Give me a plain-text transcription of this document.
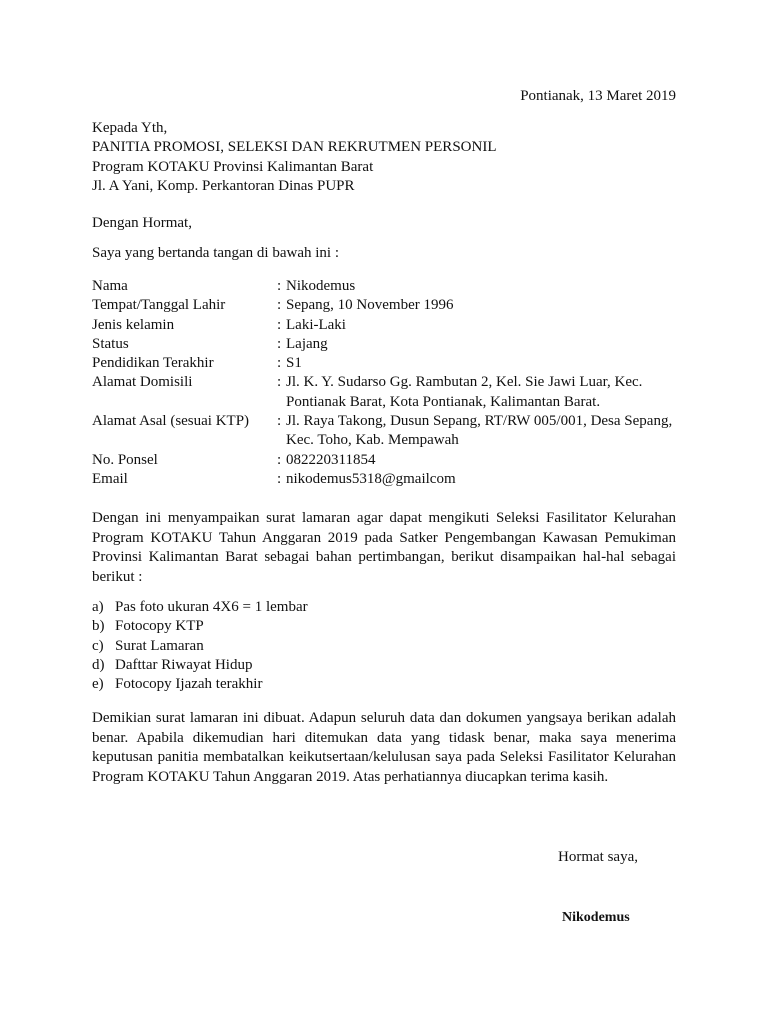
Pontianak, 13 Maret 2019
Kepada Yth,
PANITIA PROMOSI, SELEKSI DAN REKRUTMEN PERSONIL
Program KOTAKU Provinsi Kalimantan Barat
Jl. A Yani, Komp. Perkantoran Dinas PUPR
Dengan Hormat,
Saya yang bertanda tangan di bawah ini :
Nama	: Nikodemus
Tempat/Tanggal Lahir	: Sepang, 10 November 1996
Jenis kelamin	: Laki-Laki
Status	: Lajang
Pendidikan Terakhir	: S1
Alamat Domisili	: Jl. K. Y. Sudarso Gg. Rambutan 2, Kel. Sie Jawi Luar, Kec. Pontianak Barat, Kota Pontianak, Kalimantan Barat.
Alamat Asal (sesuai KTP)	: Jl. Raya Takong, Dusun Sepang, RT/RW 005/001, Desa Sepang, Kec. Toho, Kab. Mempawah
No. Ponsel	: 082220311854
Email	: nikodemus5318@gmailcom
Dengan ini menyampaikan surat lamaran agar dapat mengikuti Seleksi Fasilitator Kelurahan Program KOTAKU Tahun Anggaran 2019 pada Satker Pengembangan Kawasan Pemukiman Provinsi Kalimantan Barat sebagai bahan pertimbangan, berikut disampaikan hal-hal sebagai berikut :
a) Pas foto ukuran 4X6 = 1 lembar
b) Fotocopy KTP
c) Surat Lamaran
d) Dafttar Riwayat Hidup
e) Fotocopy Ijazah terakhir
Demikian surat lamaran ini dibuat. Adapun seluruh data dan dokumen yangsaya berikan adalah benar. Apabila dikemudian hari ditemukan data yang tidask benar, maka saya menerima keputusan panitia membatalkan keikutsertaan/kelulusan saya pada Seleksi Fasilitator Kelurahan Program KOTAKU Tahun Anggaran 2019. Atas perhatiannya diucapkan terima kasih.
Hormat saya,
Nikodemus
